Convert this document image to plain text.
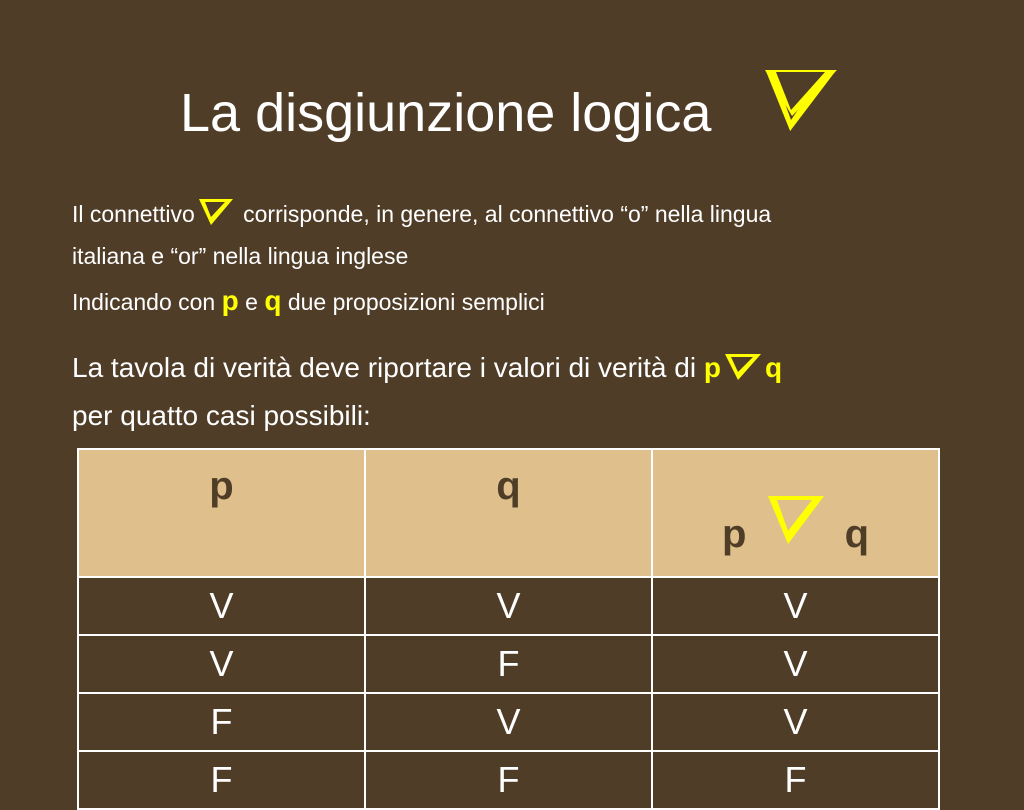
La disgiunzione logica
Il connettivo corrisponde, in genere, al connettivo “o” nella lingua
italiana e “or” nella lingua inglese
Indicando con p e q due proposizioni semplici
La tavola di verità deve riportare i valori di verità di p q
per quatto casi possibili:
p	q	p q
V	V	V
V	F	V
F	V	V
F	F	F
